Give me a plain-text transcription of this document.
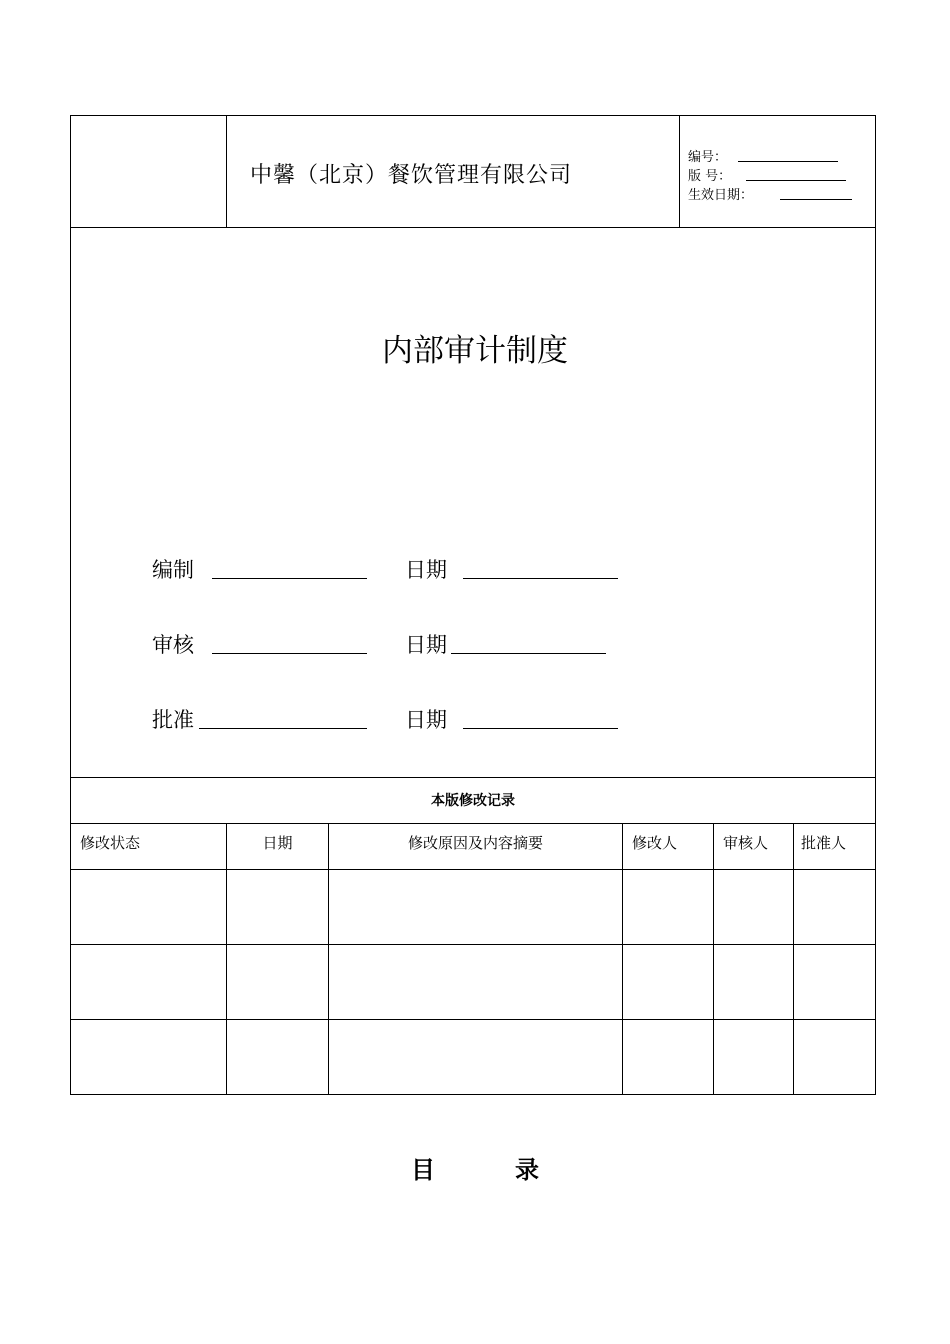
中馨（北京）餐饮管理有限公司
编号：
版 号：
生效日期：
内部审计制度
编制	日期
审核	日期
批准	日期
本版修改记录
修改状态	日期	修改原因及内容摘要	修改人	审核人 批准人
目录
